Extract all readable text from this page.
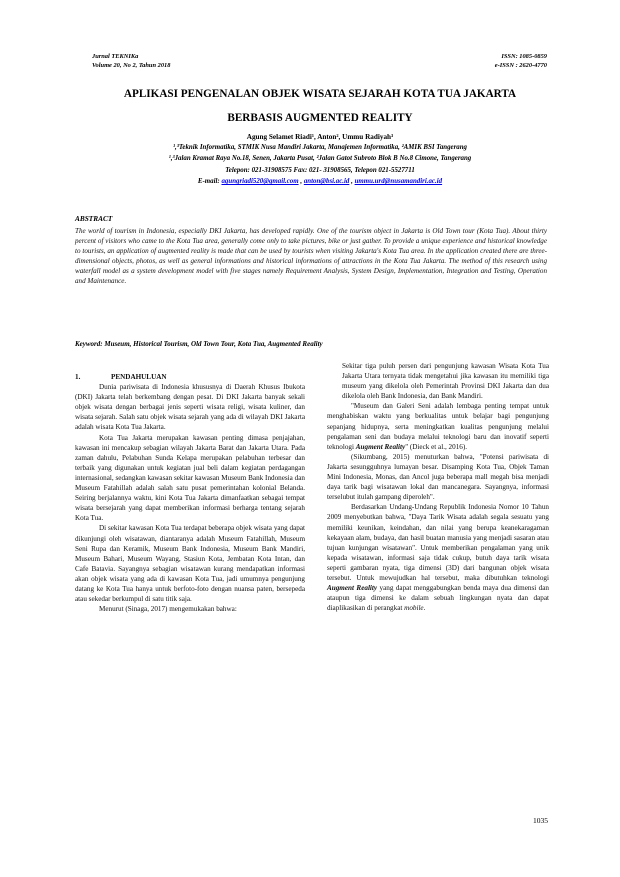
Jurnal TEKNIKa
Volume 20, No 2, Tahun 2018
ISSN: 1085-0859
e-ISSN : 2620-4770
APLIKASI PENGENALAN OBJEK WISATA SEJARAH KOTA TUA JAKARTA
BERBASIS AUGMENTED REALITY
Agung Selamet Riadi¹, Anton², Ummu Radiyah³
¹,³Teknik Informatika, STMIK Nusa Mandiri Jakarta, Manajemen Informatika, ²AMIK BSI Tangerang
¹,³Jalan Kramat Raya No.18, Senen, Jakarta Pusat, ²Jalan Gatot Subroto Blok B No.8 Cimone, Tangerang
Telepon: 021-31908575 Fax: 021- 31908565, Telepon 021-5527711
E-mail: agungriadi520@gmail.com , anton@bsi.ac.id , ummu.urd@nusamandiri.ac.id
ABSTRACT
The world of tourism in Indonesia, especially DKI Jakarta, has developed rapidly. One of the tourism object in Jakarta is Old Town tour (Kota Tua). About thirty percent of visitors who came to the Kota Tua area, generally come only to take pictures, bike or just gather. To provide a unique experience and historical knowledge to tourists, an application of augmented reality is made that can be used by tourists when visiting Jakarta's Kota Tua area. In the application created there are three-dimensional objects, photos, as well as general informations and historical informations of attractions in the Kota Tua Jakarta. The method of this research using waterfall model as a system development model with five stages namely Requirement Analysis, System Design, Implementation, Integration and Testing, Operation and Maintenance.
Keyword: Museum, Historical Tourism, Old Town Tour, Kota Tua, Augmented Reality
1.	PENDAHULUAN

Dunia pariwisata di Indonesia khususnya di Daerah Khusus Ibukota (DKI) Jakarta telah berkembang dengan pesat. Di DKI Jakarta banyak sekali objek wisata dengan berbagai jenis seperti wisata religi, wisata kuliner, dan wisata sejarah. Salah satu objek wisata sejarah yang ada di wilayah DKI Jakarta adalah wisata Kota Tua Jakarta.

Kota Tua Jakarta merupakan kawasan penting dimasa penjajahan, kawasan ini mencakup sebagian wilayah Jakarta Barat dan Jakarta Utara. Pada zaman dahulu, Pelabuhan Sunda Kelapa merupakan pelabuhan terbesar dan terbaik yang digunakan untuk kegiatan jual beli dalam kegiatan perdagangan internasional, sedangkan kawasan sekitar kawasan Museum Bank Indonesia dan Museum Fatahillah adalah salah satu pusat pemerintahan kolonial Belanda. Seiring berjalannya waktu, kini Kota Tua Jakarta dimanfaatkan sebagai tempat wisata bersejarah yang dapat memberikan informasi berharga tentang sejarah Kota Tua.

Di sekitar kawasan Kota Tua terdapat beberapa objek wisata yang dapat dikunjungi oleh wisatawan, diantaranya adalah Museum Fatahillah, Museum Seni Rupa dan Keramik, Museum Bank Indonesia, Museum Bank Mandiri, Museum Bahari, Museum Wayang, Stasiun Kota, Jembatan Kota Intan, dan Cafe Batavia. Sayangnya sebagian wisatawan kurang mendapatkan informasi akan objek wisata yang ada di kawasan Kota Tua, jadi umumnya pengunjung datang ke Kota Tua hanya untuk berfoto-foto dengan nuansa paten, bersepeda atau sekedar berkumpul di satu titik saja.

Menurut (Sinaga, 2017) mengemukakan bahwa:

Sekitar tiga puluh persen dari pengunjung kawasan Wisata Kota Tua Jakarta Utara ternyata tidak mengetahui jika kawasan itu memiliki tiga museum yang dikelola oleh Pemerintah Provinsi DKI Jakarta dan dua dikelola oleh Bank Indonesia, dan Bank Mandiri.

"Museum dan Galeri Seni adalah lembaga penting tempat untuk menghabiskan waktu yang berkualitas untuk belajar bagi pengunjung sepanjang hidupnya, serta meningkatkan kualitas pengunjung melalui pengalaman seni dan budaya melalui teknologi baru dan inovatif seperti teknologi Augment Reality" (Dieck et al., 2016).

(Sikumbang, 2015) menuturkan bahwa, "Potensi pariwisata di Jakarta sesungguhnya lumayan besar. Disamping Kota Tua, Objek Taman Mini Indonesia, Monas, dan Ancol juga beberapa mall megah bisa menjadi daya tarik bagi wisatawan lokal dan mancanegara. Sayangnya, informasi terselubut itulah gampang diperoleh".

Berdasarkan Undang-Undang Republik Indonesia Nomor 10 Tahun 2009 menyebutkan bahwa, "Daya Tarik Wisata adalah segala sesuatu yang memiliki keunikan, keindahan, dan nilai yang berupa keanekaragaman kekayaan alam, budaya, dan hasil buatan manusia yang menjadi sasaran atau tujuan kunjungan wisatawan". Untuk memberikan pengalaman yang unik kepada wisatawan, informasi saja tidak cukup, butuh daya tarik wisata seperti gambaran nyata, tiga dimensi (3D) dari bangunan objek wisata tersebut. Untuk mewujudkan hal tersebut, maka dibutuhkan teknologi Augment Reality yang dapat menggabungkan benda maya dua dimensi dan ataupun tiga dimensi ke dalam sebuah lingkungan nyata dan dapat diaplikasikan di perangkat mobile.

1035
